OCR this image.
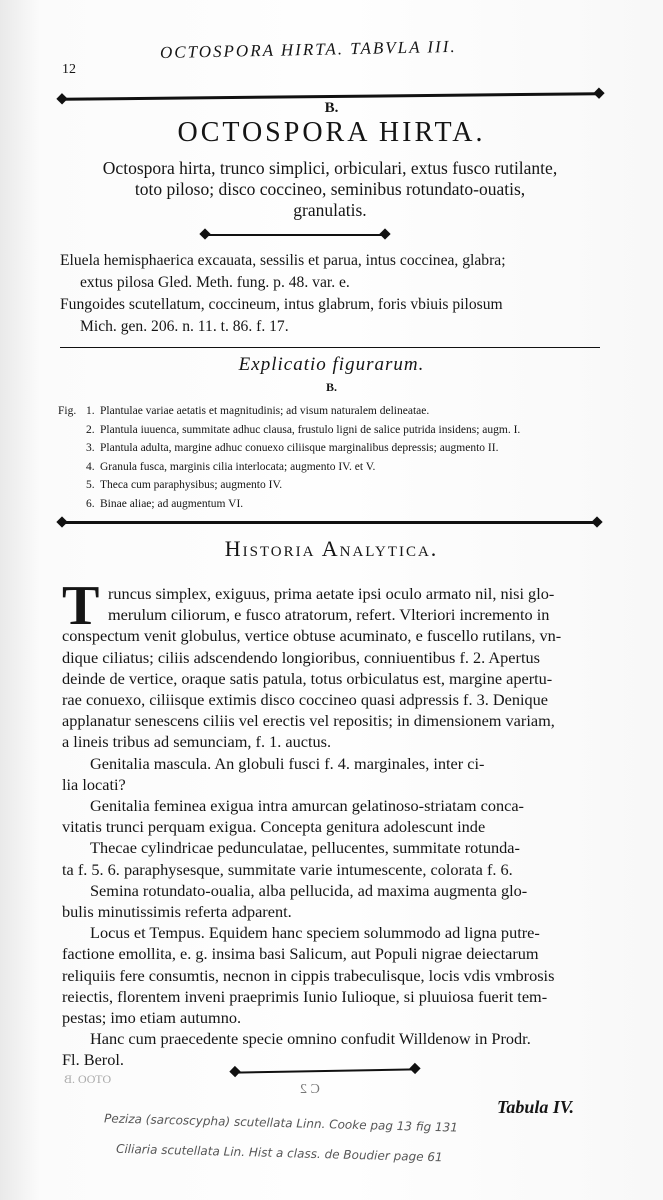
12
OCTOSPORA HIRTA. TABVLA III.
B.
OCTOSPORA HIRTA.
Octospora hirta, trunco simplici, orbiculari, extus fusco rutilante,
toto piloso; disco coccineo, seminibus rotundato-ouatis,
granulatis.
Eluela hemisphaerica excauata, sessilis et parua, intus coccinea, glabra;
extus pilosa Gled. Meth. fung. p. 48. var. e.
Fungoides scutellatum, coccineum, intus glabrum, foris vbiuis pilosum
Mich. gen. 206. n. 11. t. 86. f. 17.
Explicatio figurarum.
B.
Fig. 1. Plantulae variae aetatis et magnitudinis; ad visum naturalem delineatae.
2. Plantula iuuenca, summitate adhuc clausa, frustulo ligni de salice putrida insidens; augm. I.
3. Plantula adulta, margine adhuc conuexo ciliisque marginalibus depressis; augmento II.
4. Granula fusca, marginis cilia interlocata; augmento IV. et V.
5. Theca cum paraphysibus; augmento IV.
6. Binae aliae; ad augmentum VI.
Historia Analytica.
T runcus simplex, exiguus, prima aetate ipsi oculo armato nil, nisi glo-
merulum ciliorum, e fusco atratorum, refert. Vlteriori incremento in
conspectum venit globulus, vertice obtuse acuminato, e fuscello rutilans, vn-
dique ciliatus; ciliis adscendendo longioribus, conniuentibus f. 2. Apertus
deinde de vertice, oraque satis patula, totus orbiculatus est, margine apertu-
rae conuexo, ciliisque extimis disco coccineo quasi adpressis f. 3. Denique
applanatur senescens ciliis vel erectis vel repositis; in dimensionem variam,
a lineis tribus ad semunciam, f. 1. auctus.
Genitalia mascula. An globuli fusci f. 4. marginales, inter ci-
lia locati?
Genitalia feminea exigua intra amurcan gelatinoso-striatam conca-
vitatis trunci perquam exigua. Concepta genitura adolescunt inde
Thecae cylindricae pedunculatae, pellucentes, summitate rotunda-
ta f. 5. 6. paraphysesque, summitate varie intumescente, colorata f. 6.
Semina rotundato-oualia, alba pellucida, ad maxima augmenta glo-
bulis minutissimis referta adparent.
Locus et Tempus. Equidem hanc speciem solummodo ad ligna putre-
factione emollita, e. g. insima basi Salicum, aut Populi nigrae deiectarum
reliquiis fere consumtis, necnon in cippis trabeculisque, locis vdis vmbrosis
reiectis, florentem inveni praeprimis Iunio Iulioque, si pluuiosa fuerit tem-
pestas; imo etiam autumno.
Hanc cum praecedente specie omnino confudit Willdenow in Prodr.
Fl. Berol.
OTOO .B
C 2
Tabula IV.
Peziza (sarcoscypha) scutellata Linn. Cooke pag 13 fig 131
Ciliaria scutellata Lin. Hist a class. de Boudier page 61
